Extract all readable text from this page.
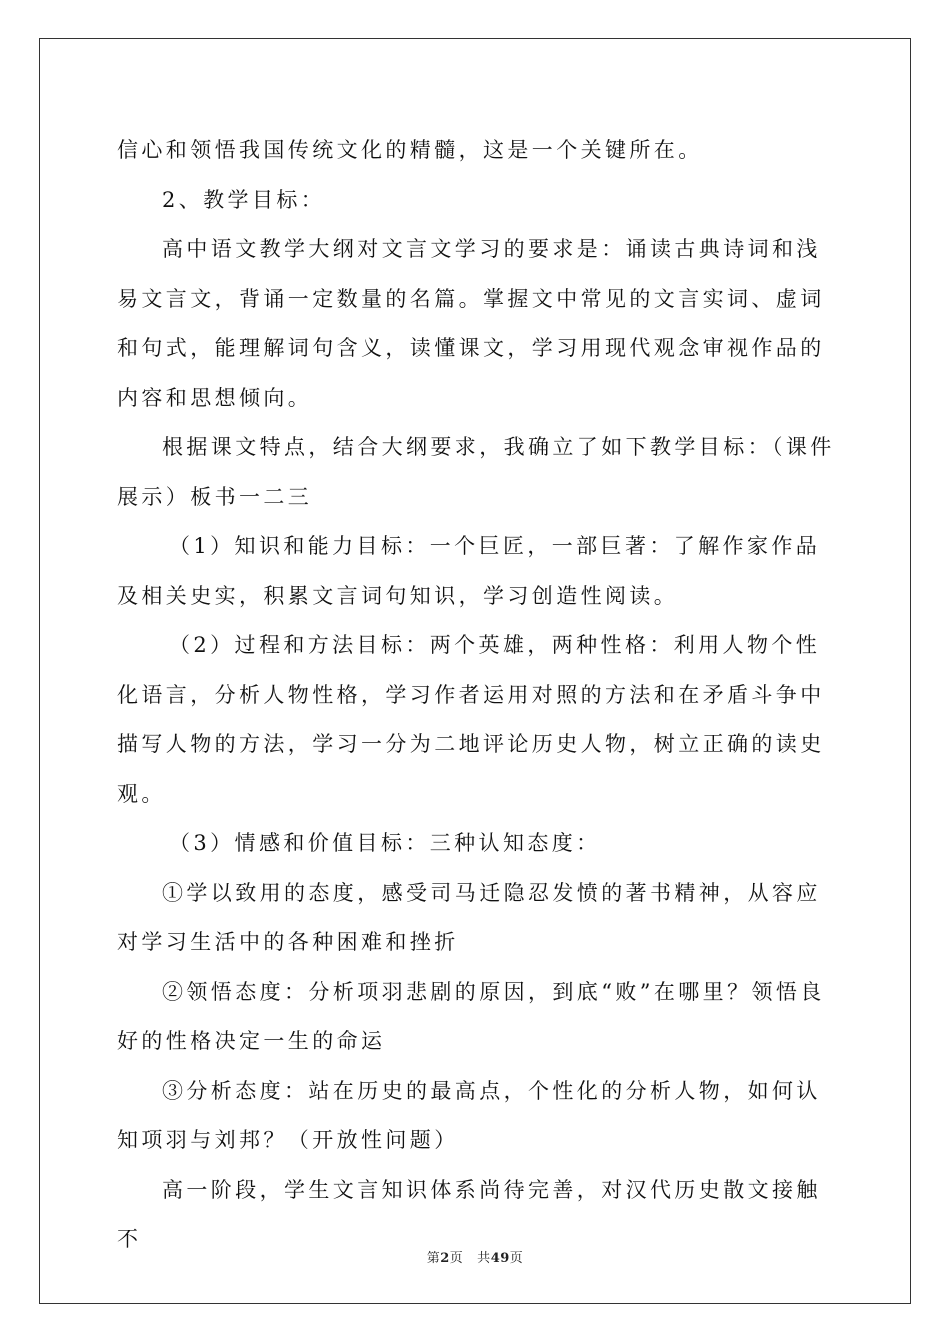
信心和领悟我国传统文化的精髓，这是一个关键所在。

2、教学目标：

高中语文教学大纲对文言文学习的要求是：诵读古典诗词和浅易文言文，背诵一定数量的名篇。掌握文中常见的文言实词、虚词和句式，能理解词句含义，读懂课文，学习用现代观念审视作品的内容和思想倾向。

根据课文特点，结合大纲要求，我确立了如下教学目标：（课件展示）板书一二三

（1）知识和能力目标：一个巨匠，一部巨著：了解作家作品及相关史实，积累文言词句知识，学习创造性阅读。

（2）过程和方法目标：两个英雄，两种性格：利用人物个性化语言，分析人物性格，学习作者运用对照的方法和在矛盾斗争中描写人物的方法，学习一分为二地评论历史人物，树立正确的读史观。

（3）情感和价值目标：三种认知态度：

①学以致用的态度，感受司马迁隐忍发愤的著书精神，从容应对学习生活中的各种困难和挫折

②领悟态度：分析项羽悲剧的原因，到底“败”在哪里？领悟良好的性格决定一生的命运

③分析态度：站在历史的最高点，个性化的分析人物，如何认知项羽与刘邦？（开放性问题）

高一阶段，学生文言知识体系尚待完善，对汉代历史散文接触不

第2页 共49页
